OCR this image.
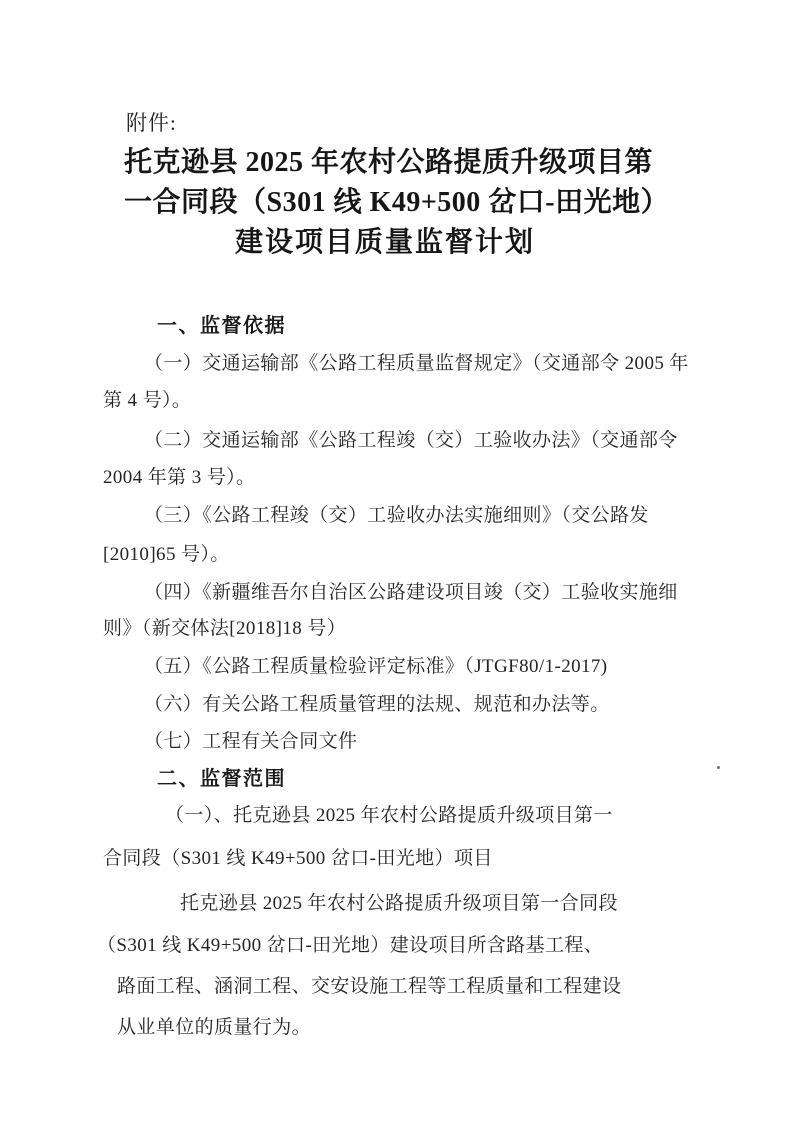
附件:
托克逊县 2025 年农村公路提质升级项目第
一合同段（S301 线 K49+500 岔口-田光地）
建设项目质量监督计划
一、监督依据
（一）交通运输部《公路工程质量监督规定》（交通部令 2005 年
第 4 号）。
（二）交通运输部《公路工程竣（交）工验收办法》（交通部令
2004 年第 3 号）。
（三）《公路工程竣（交）工验收办法实施细则》（交公路发
[2010]65 号）。
（四）《新疆维吾尔自治区公路建设项目竣（交）工验收实施细
则》（新交体法[2018]18 号）
（五）《公路工程质量检验评定标准》（JTGF80/1-2017)
（六）有关公路工程质量管理的法规、规范和办法等。
（七）工程有关合同文件
二、监督范围
（一）、托克逊县 2025 年农村公路提质升级项目第一
合同段（S301 线 K49+500 岔口-田光地）项目
托克逊县 2025 年农村公路提质升级项目第一合同段
（S301 线 K49+500 岔口-田光地）建设项目所含路基工程、
路面工程、涵洞工程、交安设施工程等工程质量和工程建设
从业单位的质量行为。
